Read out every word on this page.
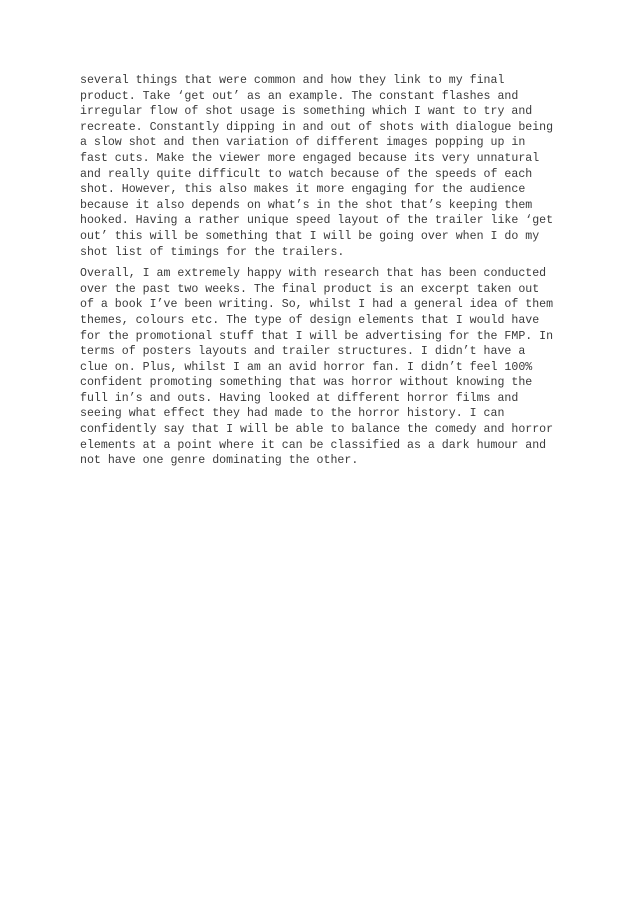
several things that were common and how they link to my final
product. Take ‘get out’ as an example. The constant flashes and
irregular flow of shot usage is something which I want to try and
recreate. Constantly dipping in and out of shots with dialogue being
a slow shot and then variation of different images popping up in
fast cuts. Make the viewer more engaged because its very unnatural
and really quite difficult to watch because of the speeds of each
shot. However, this also makes it more engaging for the audience
because it also depends on what’s in the shot that’s keeping them
hooked. Having a rather unique speed layout of the trailer like ‘get
out’ this will be something that I will be going over when I do my
shot list of timings for the trailers.

Overall, I am extremely happy with research that has been conducted
over the past two weeks. The final product is an excerpt taken out
of a book I’ve been writing. So, whilst I had a general idea of them
themes, colours etc. The type of design elements that I would have
for the promotional stuff that I will be advertising for the FMP. In
terms of posters layouts and trailer structures. I didn’t have a
clue on. Plus, whilst I am an avid horror fan. I didn’t feel 100%
confident promoting something that was horror without knowing the
full in’s and outs. Having looked at different horror films and
seeing what effect they had made to the horror history. I can
confidently say that I will be able to balance the comedy and horror
elements at a point where it can be classified as a dark humour and
not have one genre dominating the other.
